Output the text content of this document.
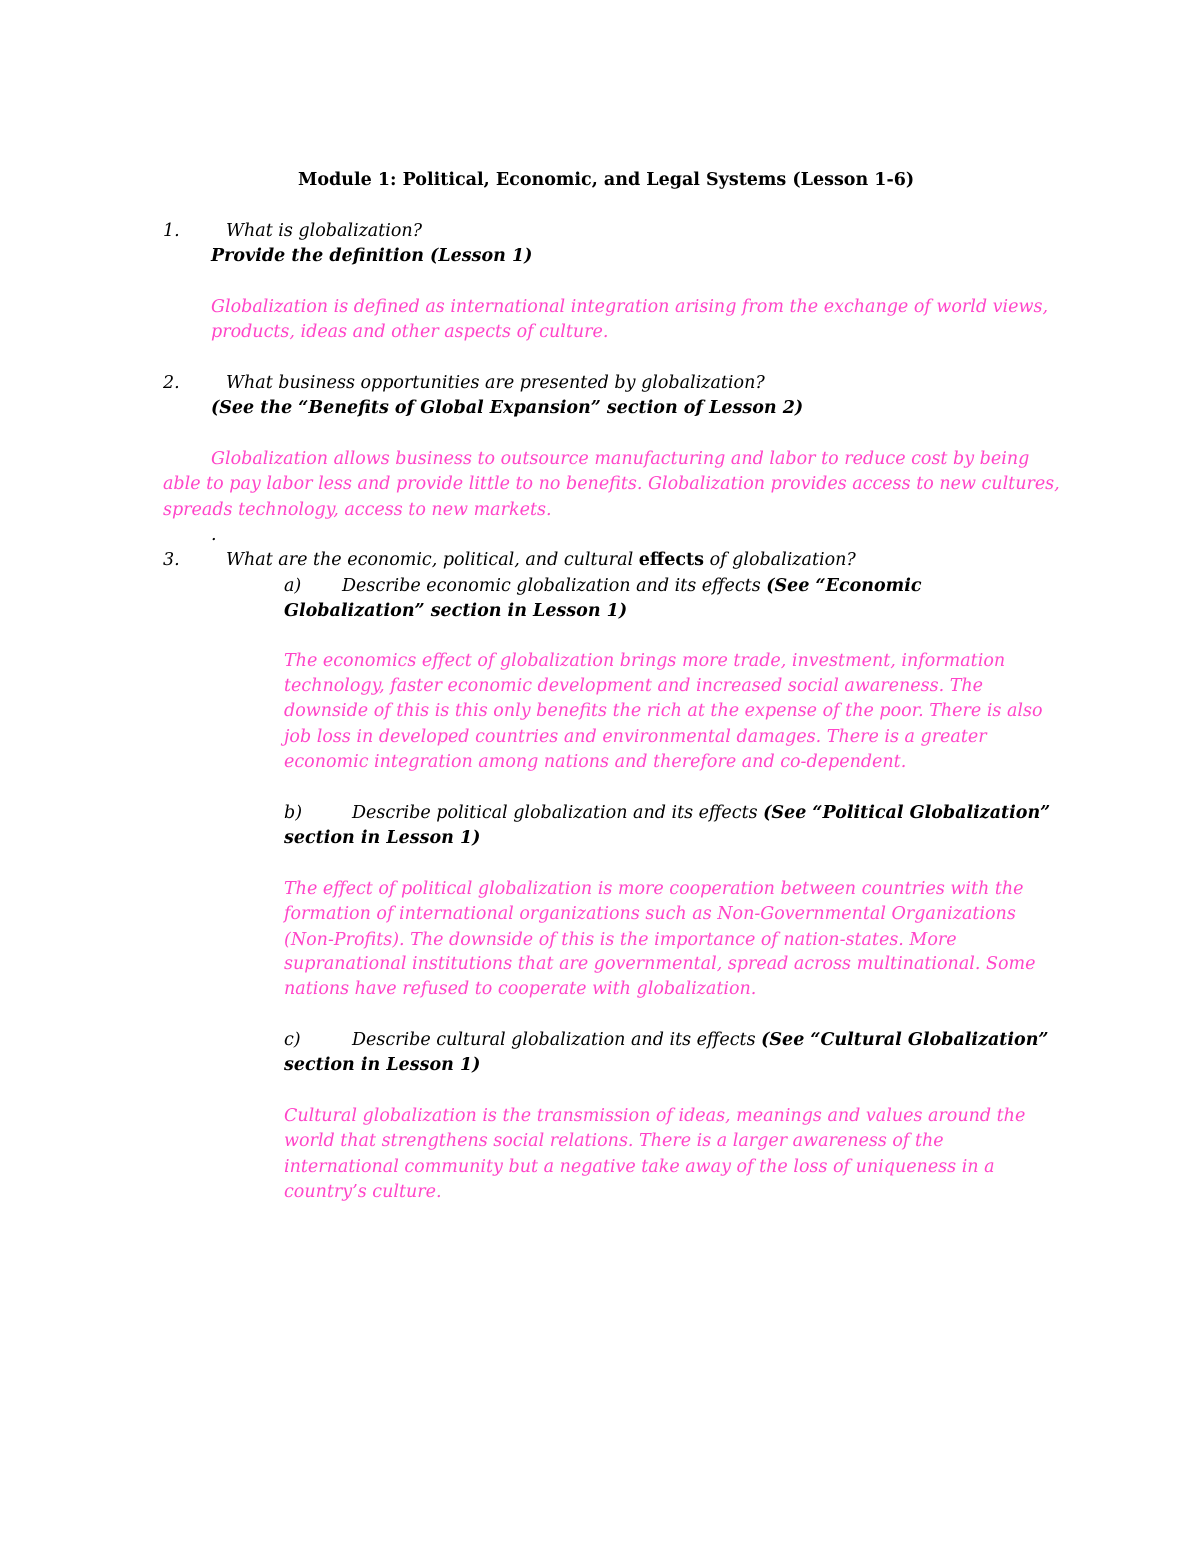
Module 1: Political, Economic, and Legal Systems (Lesson 1-6)
1.	What is globalization?
Provide the definition (Lesson 1)
Globalization is defined as international integration arising from the exchange of world views,
products, ideas and other aspects of culture.
2.	What business opportunities are presented by globalization?
(See the “Benefits of Global Expansion” section of Lesson 2)
Globalization allows business to outsource manufacturing and labor to reduce cost by being
able to pay labor less and provide little to no benefits. Globalization provides access to new cultures,
spreads technology, access to new markets.
.
3.	What are the economic, political, and cultural effects of globalization?
a) Describe economic globalization and its effects (See “Economic
Globalization” section in Lesson 1)
The economics effect of globalization brings more trade, investment, information
technology, faster economic development and increased social awareness. The
downside of this is this only benefits the rich at the expense of the poor. There is also
job loss in developed countries and environmental damages. There is a greater
economic integration among nations and therefore and co-dependent.
b)	Describe political globalization and its effects (See “Political Globalization”
section in Lesson 1)
The effect of political globalization is more cooperation between countries with the
formation of international organizations such as Non-Governmental Organizations
(Non-Profits). The downside of this is the importance of nation-states. More
supranational institutions that are governmental, spread across multinational. Some
nations have refused to cooperate with globalization.
c)	Describe cultural globalization and its effects (See “Cultural Globalization”
section in Lesson 1)
Cultural globalization is the transmission of ideas, meanings and values around the
world that strengthens social relations. There is a larger awareness of the
international community but a negative take away of the loss of uniqueness in a
country’s culture.
